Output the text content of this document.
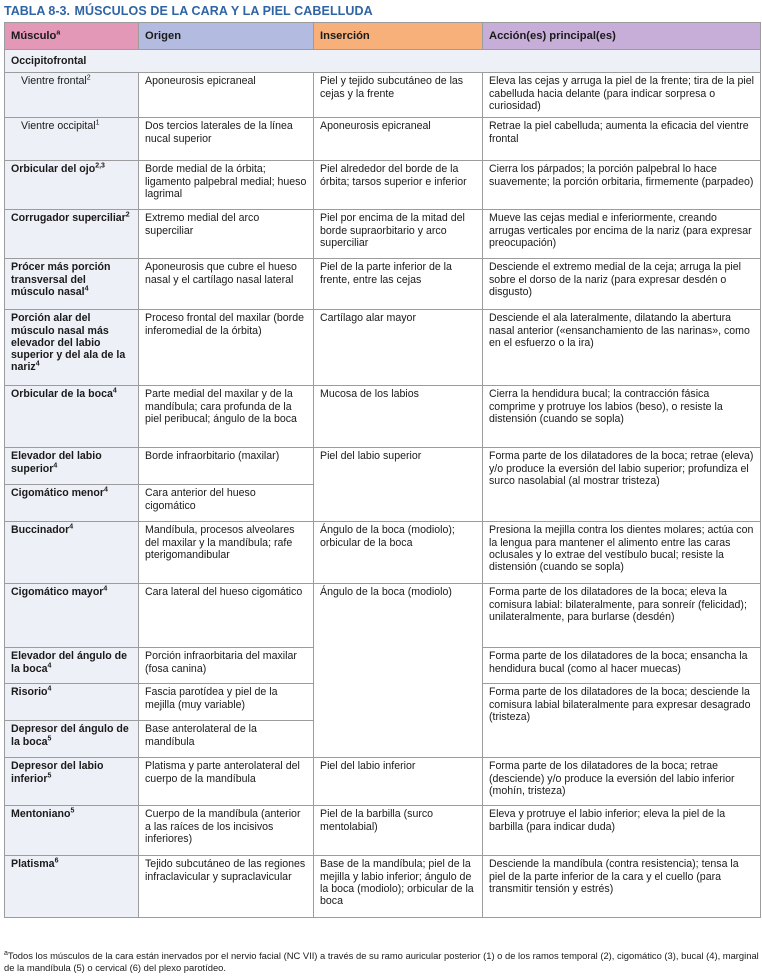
TABLA 8-3. MÚSCULOS DE LA CARA Y LA PIEL CABELLUDA
Músculo$^a$	Origen	Inserción	Acción(es) principal(es)
Occipitofrontal			
Vientre frontal$^2$	Aponeurosis epicraneal	Piel y tejido subcutáneo de las cejas y la frente	Eleva las cejas y arruga la piel de la frente; tira de la piel cabelluda hacia delante (para indicar sorpresa o curiosidad)
Vientre occipital$^1$	Dos tercios laterales de la línea nucal superior	Aponeurosis epicraneal	Retrae la piel cabelluda; aumenta la eficacia del vientre frontal
Orbicular del ojo$^{2,3}$	Borde medial de la órbita; ligamento palpebral medial; hueso lagrimal	Piel alrededor del borde de la órbita; tarsos superior e inferior	Cierra los párpados; la porción palpebral lo hace suavemente; la porción orbitaria, firmemente (parpadeo)
Corrugador superciliar$^2$	Extremo medial del arco superciliar	Piel por encima de la mitad del borde supraorbitario y arco superciliar	Mueve las cejas medial e inferiormente, creando arrugas verticales por encima de la nariz (para expresar preocupación)
Prócer más porción transversal del músculo nasal$^4$	Aponeurosis que cubre el hueso nasal y el cartílago nasal lateral	Piel de la parte inferior de la frente, entre las cejas	Desciende el extremo medial de la ceja; arruga la piel sobre el dorso de la nariz (para expresar desdén o disgusto)
Porción alar del músculo nasal más elevador del labio superior y del ala de la nariz$^4$	Proceso frontal del maxilar (borde inferomedial de la órbita)	Cartílago alar mayor	Desciende el ala lateralmente, dilatando la abertura nasal anterior («ensanchamiento de las narinas», como en el esfuerzo o la ira)
Orbicular de la boca$^4$	Parte medial del maxilar y de la mandíbula; cara profunda de la piel peribucal; ángulo de la boca	Mucosa de los labios	Cierra la hendidura bucal; la contracción fásica comprime y protruye los labios (beso), o resiste la distensión (cuando se sopla)
Elevador del labio superior$^4$	Borde infraorbitario (maxilar)	Piel del labio superior	Forma parte de los dilatadores de la boca; retrae (eleva) y/o produce la eversión del labio superior; profundiza el surco nasolabial (al mostrar tristeza)
Cigomático menor$^4$	Cara anterior del hueso cigomático		
Buccinador$^4$	Mandíbula, procesos alveolares del maxilar y la mandíbula; rafe pterigomandibular	Ángulo de la boca (modiolo); orbicular de la boca	Presiona la mejilla contra los dientes molares; actúa con la lengua para mantener el alimento entre las caras oclusales y lo extrae del vestíbulo bucal; resiste la distensión (cuando se sopla)
Cigomático mayor$^4$	Cara lateral del hueso cigomático	Ángulo de la boca (modiolo)	Forma parte de los dilatadores de la boca; eleva la comisura labial: bilateralmente, para sonreír (felicidad); unilateralmente, para burlarse (desdén)
Elevador del ángulo de la boca$^4$	Porción infraorbitaria del maxilar (fosa canina)		Forma parte de los dilatadores de la boca; ensancha la hendidura bucal (como al hacer muecas)
Risorio$^4$	Fascia parotídea y piel de la mejilla (muy variable)		Forma parte de los dilatadores de la boca; desciende la comisura labial bilateralmente para expresar desagrado (tristeza)
Depresor del ángulo de la boca$^5$	Base anterolateral de la mandíbula		
Depresor del labio inferior$^5$	Platisma y parte anterolateral del cuerpo de la mandíbula	Piel del labio inferior	Forma parte de los dilatadores de la boca; retrae (desciende) y/o produce la eversión del labio inferior (mohín, tristeza)
Mentoniano$^5$	Cuerpo de la mandíbula (anterior a las raíces de los incisivos inferiores)	Piel de la barbilla (surco mentolabial)	Eleva y protruye el labio inferior; eleva la piel de la barbilla (para indicar duda)
Platisma$^6$	Tejido subcutáneo de las regiones infraclavicular y supraclavicular	Base de la mandíbula; piel de la mejilla y labio inferior; ángulo de la boca (modiolo); orbicular de la boca	Desciende la mandíbula (contra resistencia); tensa la piel de la parte inferior de la cara y el cuello (para transmitir tensión y estrés)
$^a$Todos los músculos de la cara están inervados por el nervio facial (NC VII) a través de su ramo auricular posterior (1) o de los ramos temporal (2), cigomático (3), bucal (4), marginal de la mandíbula (5) o cervical (6) del plexo parotídeo.
